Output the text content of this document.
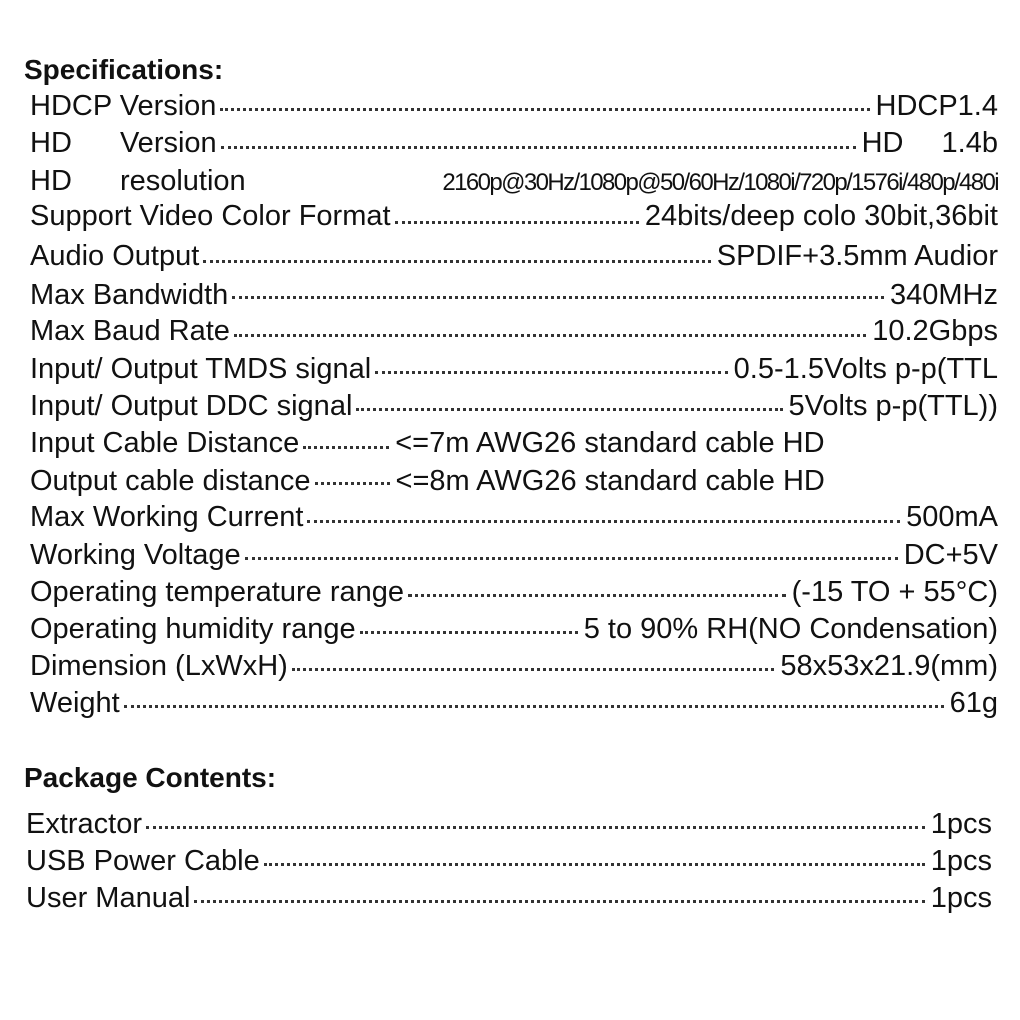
Specifications:
HDCP Version	HDCP1.4
HD Version	HD 1.4b
HD resolution	2160p@30Hz/1080p@50/60Hz/1080i/720p/1576i/480p/480i
Support Video Color Format	24bits/deep colo 30bit,36bit
Audio Output	SPDIF+3.5mm Audior
Max Bandwidth	340MHz
Max Baud Rate	10.2Gbps
Input/ Output TMDS signal	0.5-1.5Volts p-p(TTL
Input/ Output DDC signal	5Volts p-p(TTL))
Input Cable Distance	<=7m AWG26 standard cable HD
Output cable distance	<=8m AWG26 standard cable HD
Max Working Current	500mA
Working Voltage	DC+5V
Operating temperature range	(-15 TO + 55°C)
Operating humidity range	5 to 90% RH(NO Condensation)
Dimension (LxWxH)	58x53x21.9(mm)
Weight	61g
Package Contents:
Extractor	1pcs
USB Power Cable	1pcs
User Manual	1pcs
